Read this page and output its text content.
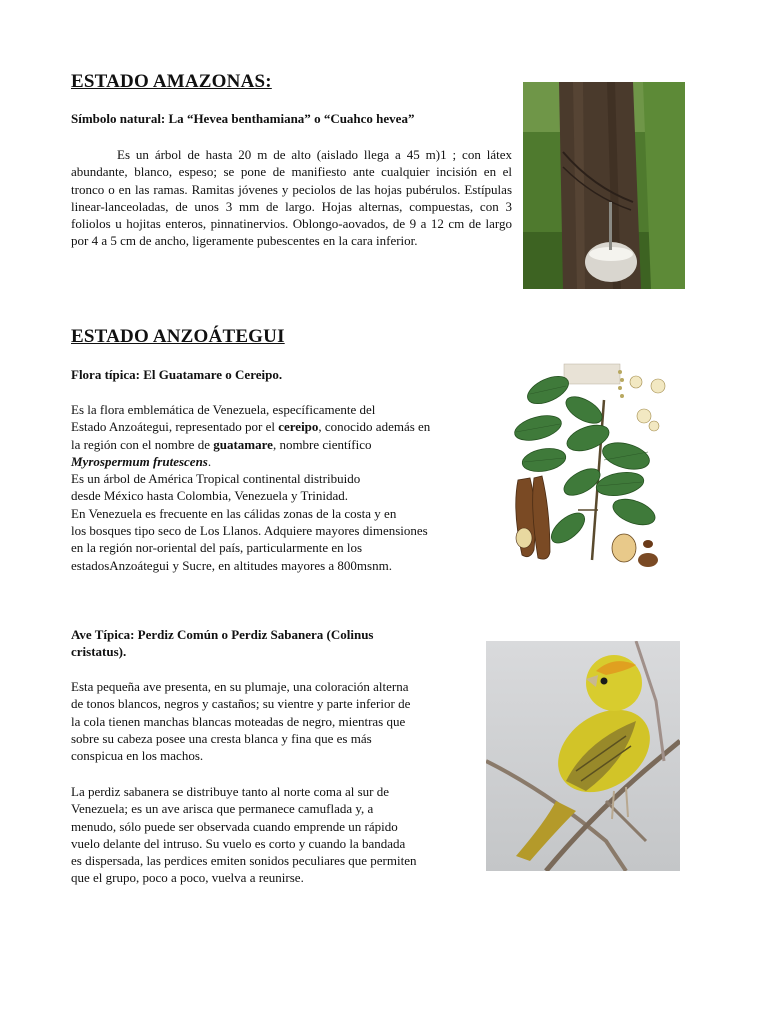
ESTADO AMAZONAS:
Símbolo natural: La “Hevea benthamiana” o “Cuahco hevea”

Es un árbol de hasta 20 m de alto (aislado llega a 45 m)1 ; con látex abundante, blanco, espeso; se pone de manifiesto ante cualquier incisión en el tronco o en las ramas. Ramitas jóvenes y peciolos de las hojas pubérulos. Estípulas linear-lanceoladas, de unos 3 mm de largo. Hojas alternas, compuestas, con 3 foliolos u hojitas enteros, pinnatinervios. Oblongo-aovados, de 9 a 12 cm de largo por 4 a 5 cm de ancho, ligeramente pubescentes en la cara inferior.

ESTADO ANZOÁTEGUI
Flora típica: El Guatamare o Cereipo.
Es la flora emblemática de Venezuela, específicamente del
Estado Anzoátegui, representado por el cereipo, conocido además en
la región con el nombre de guatamare, nombre científico
Myrospermum frutescens.
Es un árbol de América Tropical continental distribuido
desde México hasta Colombia, Venezuela y Trinidad.
En Venezuela es frecuente en las cálidas zonas de la costa y en
los bosques tipo seco de Los Llanos. Adquiere mayores dimensiones
en la región nor-oriental del país, particularmente en los
estadosAnzoátegui y Sucre, en altitudes mayores a 800msnm.
Ave Típica: Perdiz Común o Perdiz Sabanera (Colinus
cristatus).
Esta pequeña ave presenta, en su plumaje, una coloración alterna
de tonos blancos, negros y castaños; su vientre y parte inferior de
la cola tienen manchas blancas moteadas de negro, mientras que
sobre su cabeza posee una cresta blanca y fina que es más
conspicua en los machos.
La perdiz sabanera se distribuye tanto al norte coma al sur de
Venezuela; es un ave arisca que permanece camuflada y, a
menudo, sólo puede ser observada cuando emprende un rápido
vuelo delante del intruso. Su vuelo es corto y cuando la bandada
es dispersada, las perdices emiten sonidos peculiares que permiten
que el grupo, poco a poco, vuelva a reunirse.
